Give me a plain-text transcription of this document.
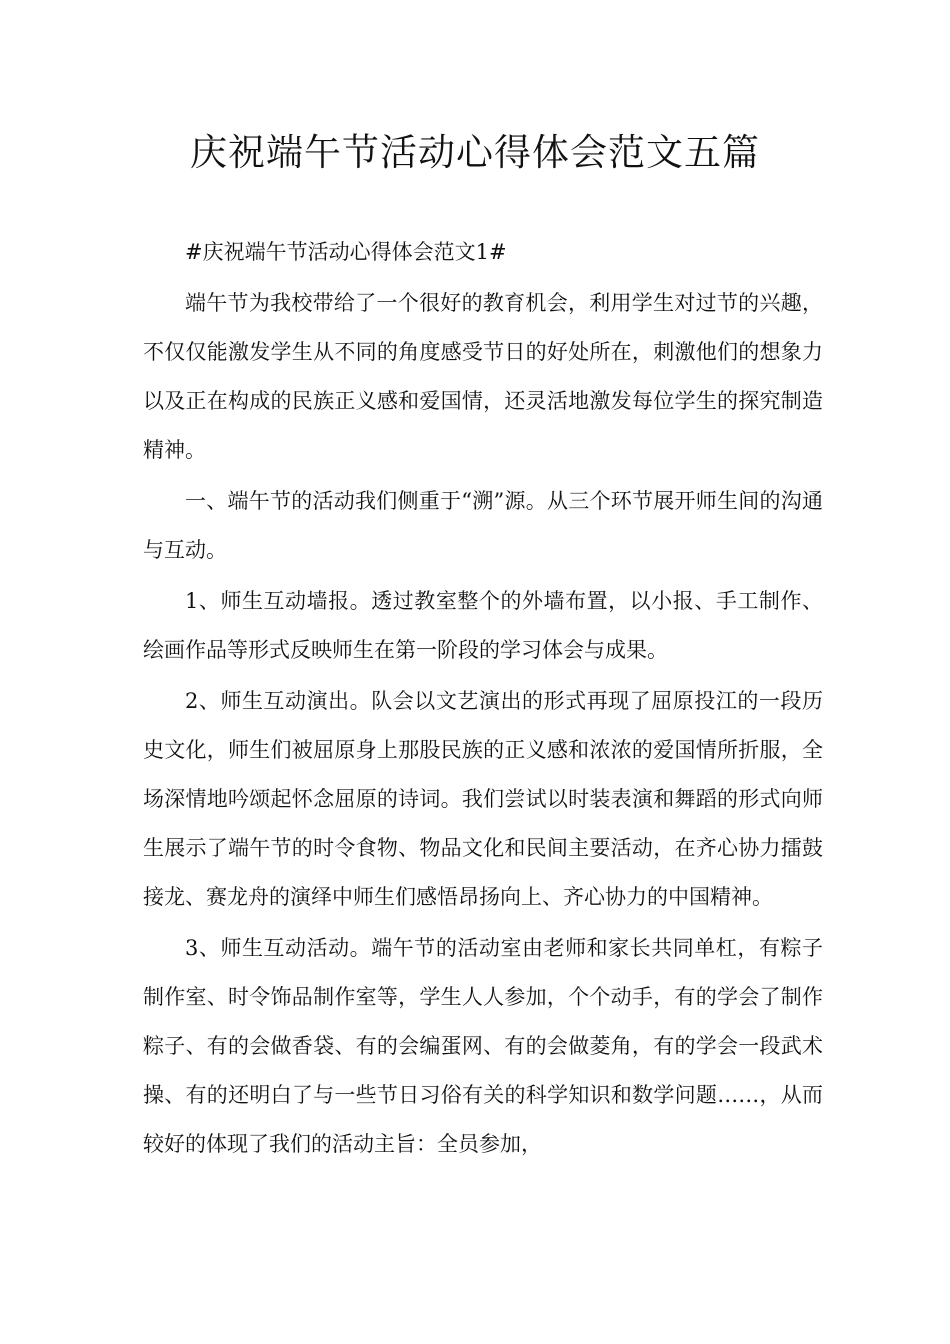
庆祝端午节活动心得体会范文五篇

#庆祝端午节活动心得体会范文1#

端午节为我校带给了一个很好的教育机会，利用学生对过节的兴趣，不仅仅能激发学生从不同的角度感受节日的好处所在，刺激他们的想象力以及正在构成的民族正义感和爱国情，还灵活地激发每位学生的探究制造精神。

一、端午节的活动我们侧重于“溯”源。从三个环节展开师生间的沟通与互动。

1、师生互动墙报。透过教室整个的外墙布置，以小报、手工制作、绘画作品等形式反映师生在第一阶段的学习体会与成果。

2、师生互动演出。队会以文艺演出的形式再现了屈原投江的一段历史文化，师生们被屈原身上那股民族的正义感和浓浓的爱国情所折服，全场深情地吟颂起怀念屈原的诗词。我们尝试以时装表演和舞蹈的形式向师生展示了端午节的时令食物、物品文化和民间主要活动，在齐心协力擂鼓接龙、赛龙舟的演绎中师生们感悟昂扬向上、齐心协力的中国精神。

3、师生互动活动。端午节的活动室由老师和家长共同单杠，有粽子制作室、时令饰品制作室等，学生人人参加，个个动手，有的学会了制作粽子、有的会做香袋、有的会编蛋网、有的会做菱角，有的学会一段武术操、有的还明白了与一些节日习俗有关的科学知识和数学问题……，从而较好的体现了我们的活动主旨：全员参加，
